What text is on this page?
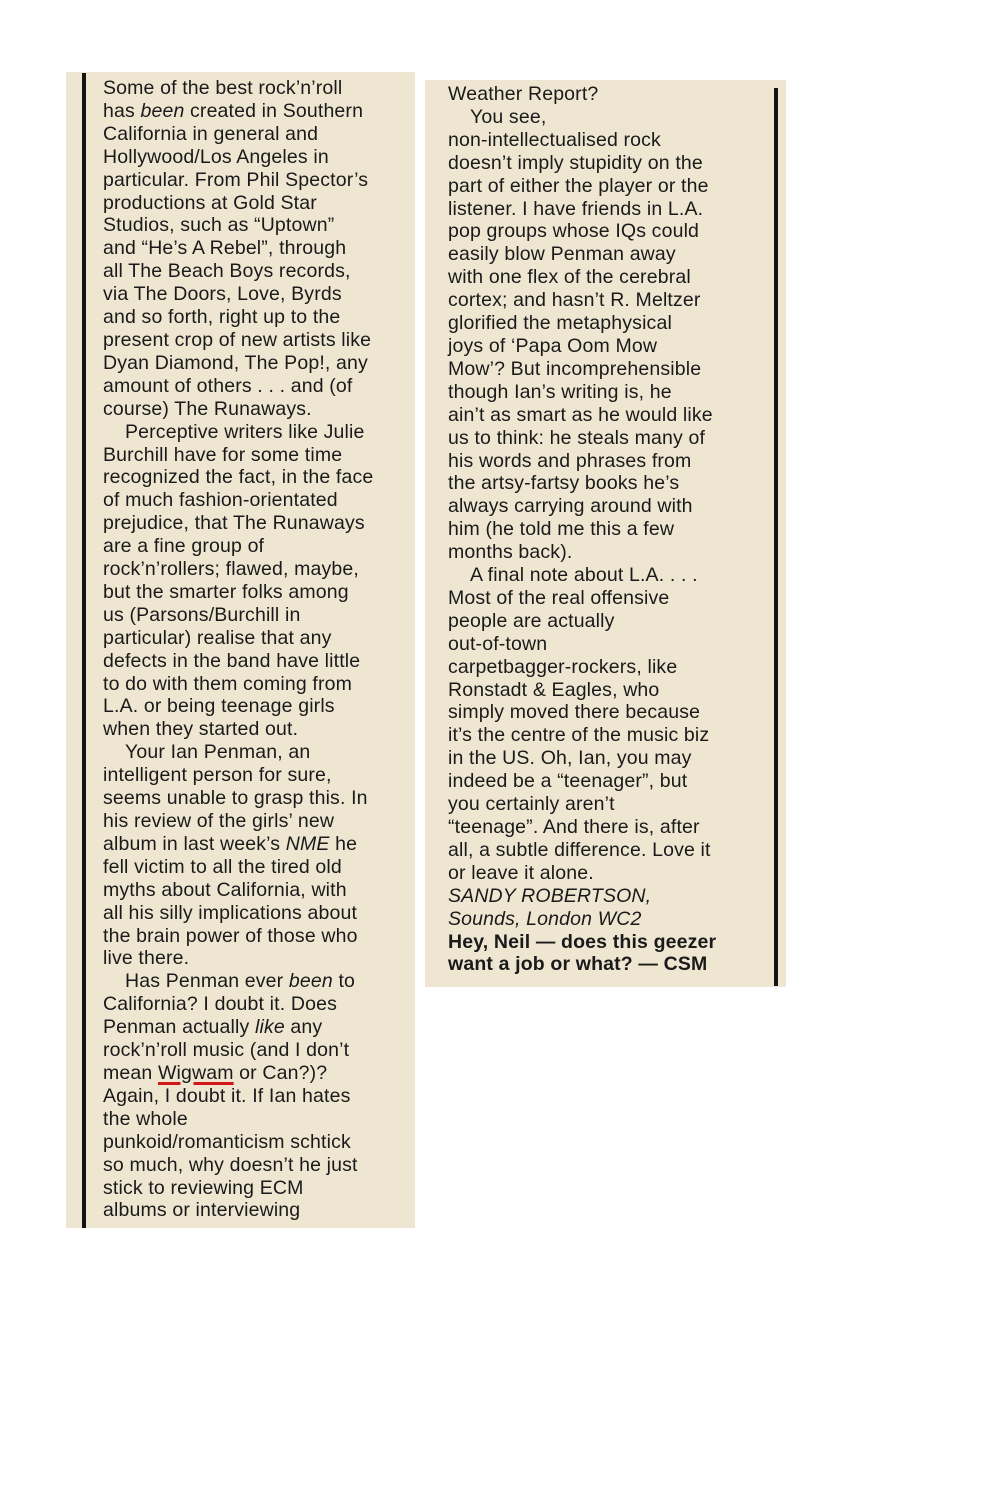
Some of the best rock’n’roll
has been created in Southern
California in general and
Hollywood/Los Angeles in
particular. From Phil Spector’s
productions at Gold Star
Studios, such as “Uptown”
and “He’s A Rebel”, through
all The Beach Boys records,
via The Doors, Love, Byrds
and so forth, right up to the
present crop of new artists like
Dyan Diamond, The Pop!, any
amount of others . . . and (of
course) The Runaways.
Perceptive writers like Julie
Burchill have for some time
recognized the fact, in the face
of much fashion-orientated
prejudice, that The Runaways
are a fine group of
rock’n’rollers; flawed, maybe,
but the smarter folks among
us (Parsons/Burchill in
particular) realise that any
defects in the band have little
to do with them coming from
L.A. or being teenage girls
when they started out.
Your Ian Penman, an
intelligent person for sure,
seems unable to grasp this. In
his review of the girls’ new
album in last week’s NME he
fell victim to all the tired old
myths about California, with
all his silly implications about
the brain power of those who
live there.
Has Penman ever been to
California? I doubt it. Does
Penman actually like any
rock’n’roll music (and I don’t
mean Wigwam or Can?)?
Again, I doubt it. If Ian hates
the whole
punkoid/romanticism schtick
so much, why doesn’t he just
stick to reviewing ECM
albums or interviewing
Weather Report?
You see,
non-intellectualised rock
doesn’t imply stupidity on the
part of either the player or the
listener. I have friends in L.A.
pop groups whose IQs could
easily blow Penman away
with one flex of the cerebral
cortex; and hasn’t R. Meltzer
glorified the metaphysical
joys of ‘Papa Oom Mow
Mow’? But incomprehensible
though Ian’s writing is, he
ain’t as smart as he would like
us to think: he steals many of
his words and phrases from
the artsy-fartsy books he’s
always carrying around with
him (he told me this a few
months back).
A final note about L.A. . . .
Most of the real offensive
people are actually
out-of-town
carpetbagger-rockers, like
Ronstadt & Eagles, who
simply moved there because
it’s the centre of the music biz
in the US. Oh, Ian, you may
indeed be a “teenager”, but
you certainly aren’t
“teenage”. And there is, after
all, a subtle difference. Love it
or leave it alone.
SANDY ROBERTSON,
Sounds, London WC2
Hey, Neil — does this geezer
want a job or what? — CSM
